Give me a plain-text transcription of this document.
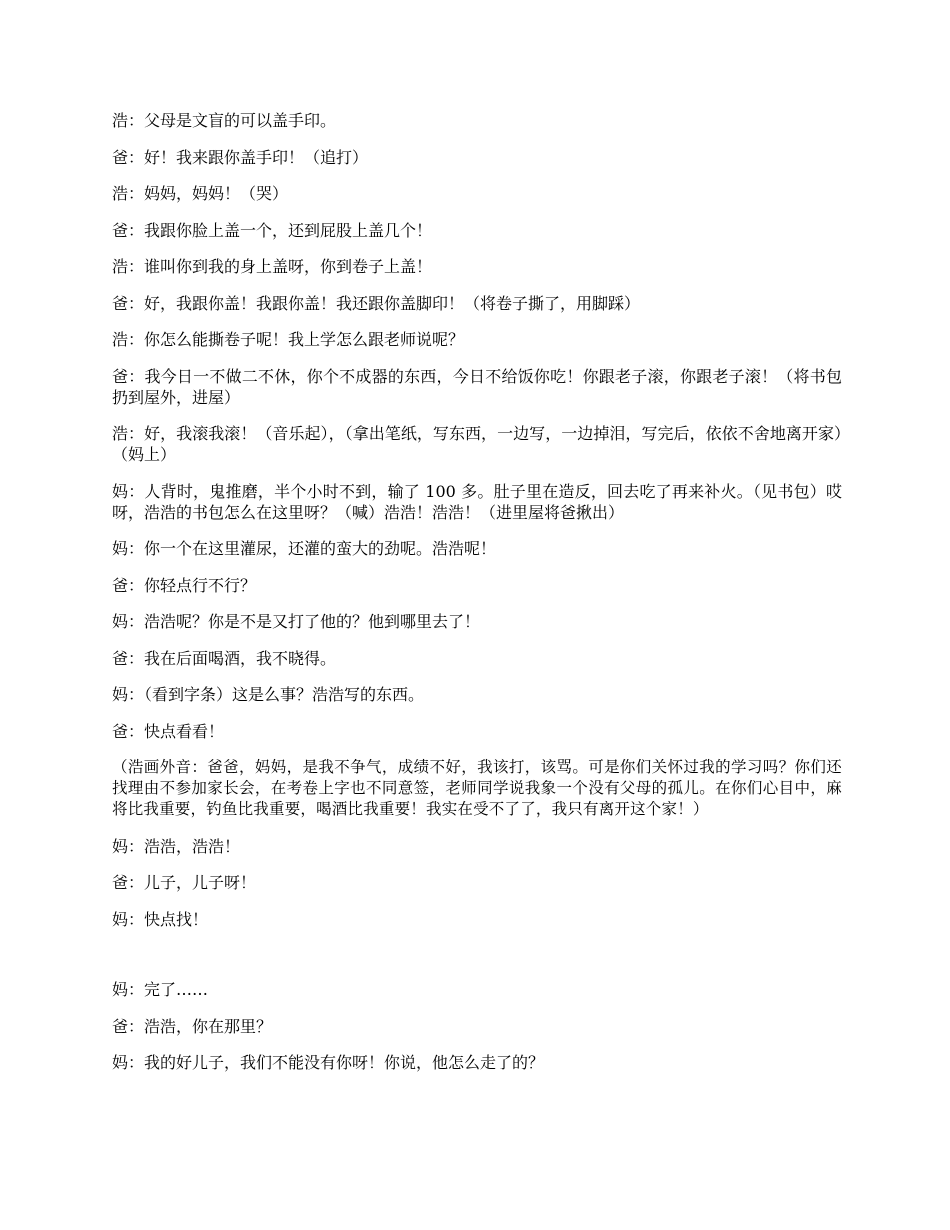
浩：父母是文盲的可以盖手印。

爸：好！我来跟你盖手印！（追打）

浩：妈妈，妈妈！（哭）

爸：我跟你脸上盖一个，还到屁股上盖几个！

浩：谁叫你到我的身上盖呀，你到卷子上盖！

爸：好，我跟你盖！我跟你盖！我还跟你盖脚印！（将卷子撕了，用脚踩）

浩：你怎么能撕卷子呢！我上学怎么跟老师说呢？

爸：我今日一不做二不休，你个不成器的东西，今日不给饭你吃！你跟老子滚，你跟老子滚！（将书包扔到屋外，进屋）

浩：好，我滚我滚！（音乐起），（拿出笔纸，写东西，一边写，一边掉泪，写完后，依依不舍地离开家）（妈上）

妈：人背时，鬼推磨，半个小时不到，输了 100 多。肚子里在造反，回去吃了再来补火。（见书包）哎呀，浩浩的书包怎么在这里呀？（喊）浩浩！浩浩！（进里屋将爸揪出）

妈：你一个在这里灌尿，还灌的蛮大的劲呢。浩浩呢！

爸：你轻点行不行？

妈：浩浩呢？你是不是又打了他的？他到哪里去了！

爸：我在后面喝酒，我不晓得。

妈：（看到字条）这是么事？浩浩写的东西。

爸：快点看看！

（浩画外音：爸爸，妈妈，是我不争气，成绩不好，我该打，该骂。可是你们关怀过我的学习吗？你们还找理由不参加家长会，在考卷上字也不同意签，老师同学说我象一个没有父母的孤儿。在你们心目中，麻将比我重要，钓鱼比我重要，喝酒比我重要！我实在受不了了，我只有离开这个家！）

妈：浩浩，浩浩！

爸：儿子，儿子呀！

妈：快点找！

妈：完了……

爸：浩浩，你在那里？

妈：我的好儿子，我们不能没有你呀！你说，他怎么走了的？
